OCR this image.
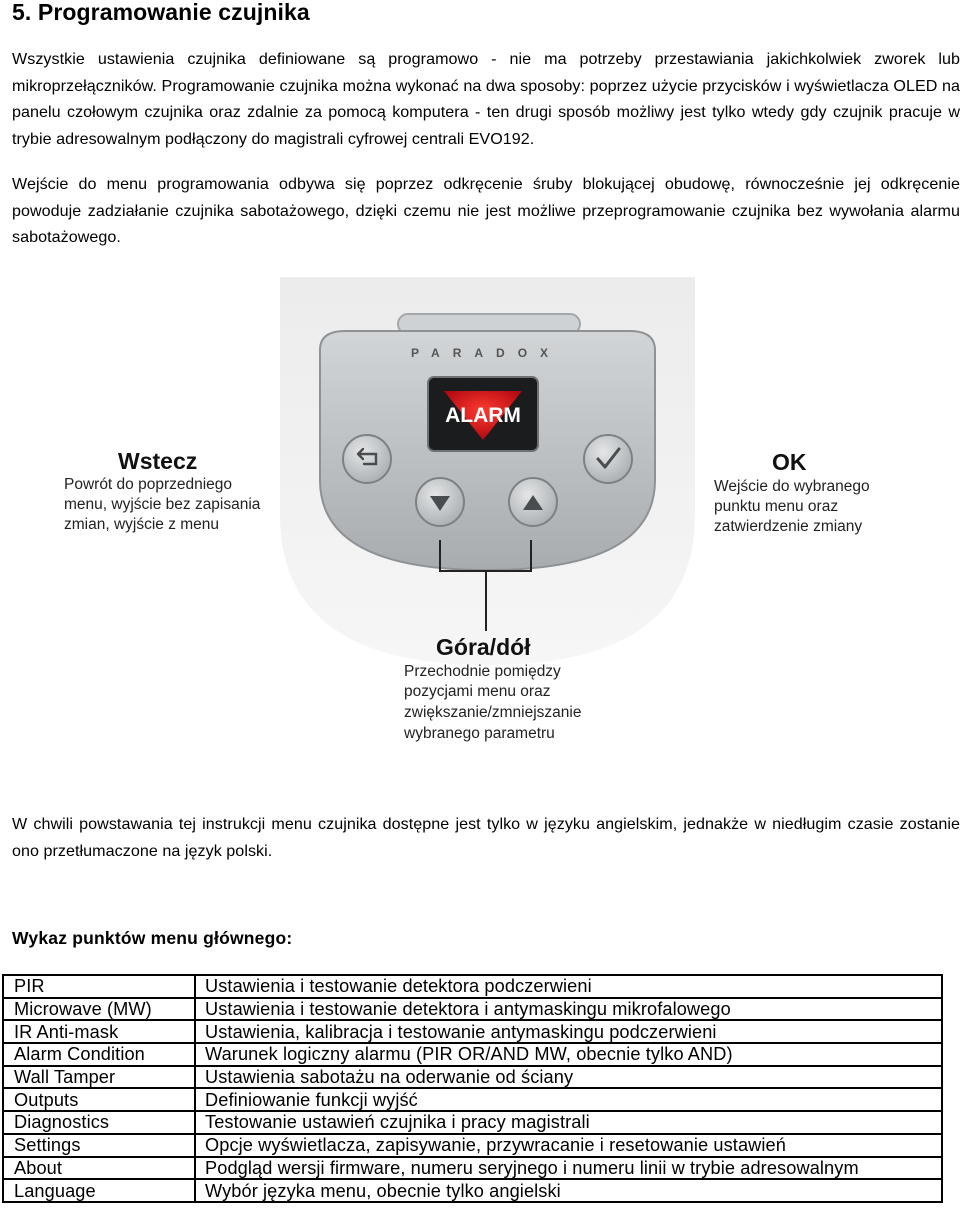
5. Programowanie czujnika

Wszystkie ustawienia czujnika definiowane są programowo - nie ma potrzeby przestawiania jakichkolwiek zworek lub mikroprzełączników. Programowanie czujnika można wykonać na dwa sposoby: poprzez użycie przycisków i wyświetlacza OLED na panelu czołowym czujnika oraz zdalnie za pomocą komputera - ten drugi sposób możliwy jest tylko wtedy gdy czujnik pracuje w trybie adresowalnym podłączony do magistrali cyfrowej centrali EVO192.

Wejście do menu programowania odbywa się poprzez odkręcenie śruby blokującej obudowę, równocześnie jej odkręcenie powoduje zadziałanie czujnika sabotażowego, dzięki czemu nie jest możliwe przeprogramowanie czujnika bez wywołania alarmu sabotażowego.

PARADOX
ALARM
Wstecz
Powrót do poprzedniego
menu, wyjście bez zapisania
zmian, wyjście z menu
OK
Wejście do wybranego
punktu menu oraz
zatwierdzenie zmiany
Góra/dół
Przechodnie pomiędzy
pozycjami menu oraz
zwiększanie/zmniejszanie
wybranego parametru

W chwili powstawania tej instrukcji menu czujnika dostępne jest tylko w języku angielskim, jednakże w niedługim czasie zostanie ono przetłumaczone na język polski.

Wykaz punktów menu głównego:
PIR	Ustawienia i testowanie detektora podczerwieni
Microwave (MW)	Ustawienia i testowanie detektora i antymaskingu mikrofalowego
IR Anti-mask	Ustawienia, kalibracja i testowanie antymaskingu podczerwieni
Alarm Condition	Warunek logiczny alarmu (PIR OR/AND MW, obecnie tylko AND)
Wall Tamper	Ustawienia sabotażu na oderwanie od ściany
Outputs	Definiowanie funkcji wyjść
Diagnostics	Testowanie ustawień czujnika i pracy magistrali
Settings	Opcje wyświetlacza, zapisywanie, przywracanie i resetowanie ustawień
About	Podgląd wersji firmware, numeru seryjnego i numeru linii w trybie adresowalnym
Language	Wybór języka menu, obecnie tylko angielski
